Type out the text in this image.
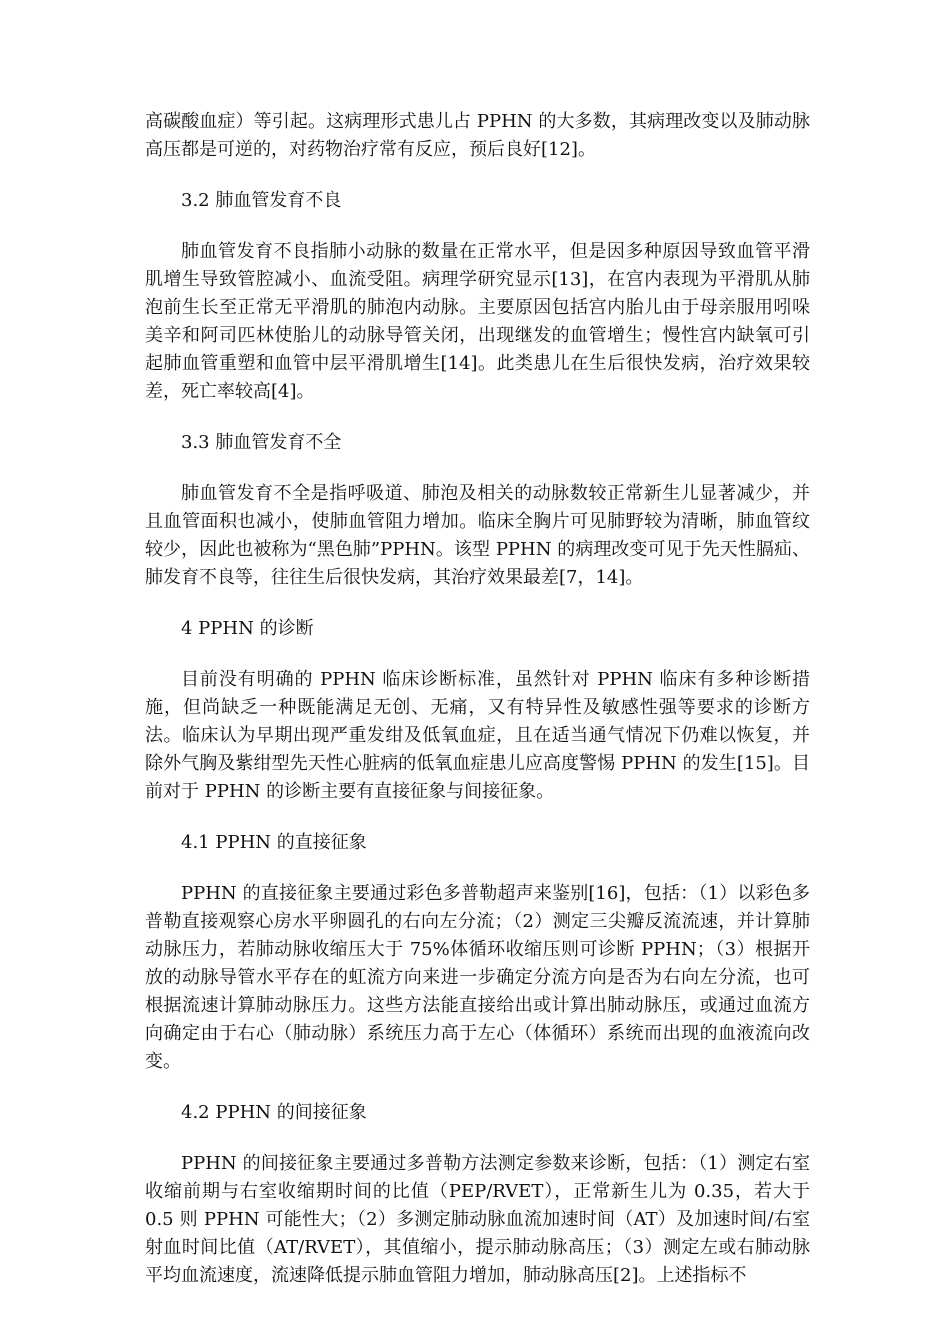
高碳酸血症）等引起。这病理形式患儿占 PPHN 的大多数，其病理改变以及肺动脉高压都是可逆的，对药物治疗常有反应，预后良好[12]。

3.2 肺血管发育不良

肺血管发育不良指肺小动脉的数量在正常水平，但是因多种原因导致血管平滑肌增生导致管腔减小、血流受阻。病理学研究显示[13]，在宫内表现为平滑肌从肺泡前生长至正常无平滑肌的肺泡内动脉。主要原因包括宫内胎儿由于母亲服用吲哚美辛和阿司匹林使胎儿的动脉导管关闭，出现继发的血管增生；慢性宫内缺氧可引起肺血管重塑和血管中层平滑肌增生[14]。此类患儿在生后很快发病，治疗效果较差，死亡率较高[4]。

3.3 肺血管发育不全

肺血管发育不全是指呼吸道、肺泡及相关的动脉数较正常新生儿显著减少，并且血管面积也减小，使肺血管阻力增加。临床全胸片可见肺野较为清晰，肺血管纹较少，因此也被称为“黑色肺”PPHN。该型 PPHN 的病理改变可见于先天性膈疝、肺发育不良等，往往生后很快发病，其治疗效果最差[7，14]。

4 PPHN 的诊断

目前没有明确的 PPHN 临床诊断标准，虽然针对 PPHN 临床有多种诊断措施，但尚缺乏一种既能满足无创、无痛，又有特异性及敏感性强等要求的诊断方法。临床认为早期出现严重发绀及低氧血症，且在适当通气情况下仍难以恢复，并除外气胸及紫绀型先天性心脏病的低氧血症患儿应高度警惕 PPHN 的发生[15]。目前对于 PPHN 的诊断主要有直接征象与间接征象。

4.1 PPHN 的直接征象

PPHN 的直接征象主要通过彩色多普勒超声来鉴别[16]，包括：（1）以彩色多普勒直接观察心房水平卵圆孔的右向左分流；（2）测定三尖瓣反流流速，并计算肺动脉压力，若肺动脉收缩压大于 75%体循环收缩压则可诊断 PPHN；（3）根据开放的动脉导管水平存在的虹流方向来进一步确定分流方向是否为右向左分流，也可根据流速计算肺动脉压力。这些方法能直接给出或计算出肺动脉压，或通过血流方向确定由于右心（肺动脉）系统压力高于左心（体循环）系统而出现的血液流向改变。

4.2 PPHN 的间接征象

PPHN 的间接征象主要通过多普勒方法测定参数来诊断，包括：（1）测定右室收缩前期与右室收缩期时间的比值（PEP/RVET），正常新生儿为 0.35，若大于 0.5 则 PPHN 可能性大；（2）多测定肺动脉血流加速时间（AT）及加速时间/右室射血时间比值（AT/RVET），其值缩小，提示肺动脉高压；（3）测定左或右肺动脉平均血流速度，流速降低提示肺血管阻力增加，肺动脉高压[2]。上述指标不
